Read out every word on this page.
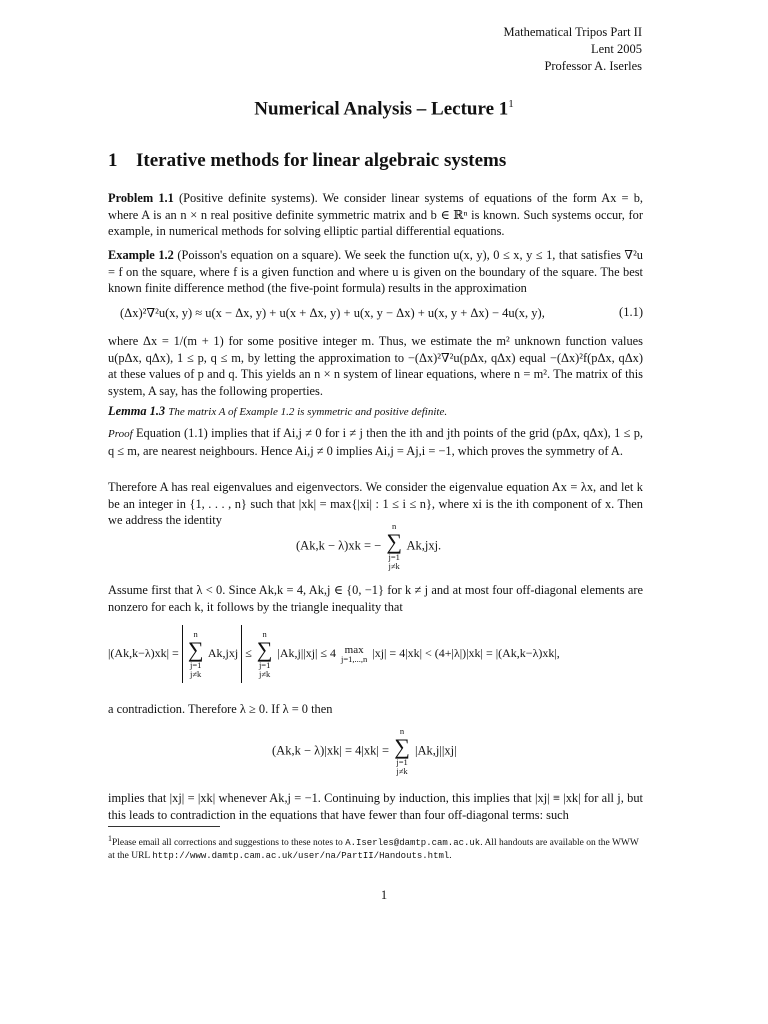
Mathematical Tripos Part II
Lent 2005
Professor A. Iserles
Numerical Analysis – Lecture $1^1$
1 Iterative methods for linear algebraic systems
Problem 1.1 (Positive definite systems). We consider linear systems of equations of the form Ax = b, where A is an n × n real positive definite symmetric matrix and b ∈ ℝⁿ is known. Such systems occur, for example, in numerical methods for solving elliptic partial differential equations.
Example 1.2 (Poisson's equation on a square). We seek the function u(x, y), 0 ≤ x, y ≤ 1, that satisfies ∇²u = f on the square, where f is a given function and where u is given on the boundary of the square. The best known finite difference method (the five-point formula) results in the approximation
(Δx)²∇²u(x, y) ≈ u(x − Δx, y) + u(x + Δx, y) + u(x, y − Δx) + u(x, y + Δx) − 4u(x, y),	(1.1)
where Δx = 1/(m + 1) for some positive integer m. Thus, we estimate the m² unknown function values u(pΔx, qΔx), 1 ≤ p, q ≤ m, by letting the approximation to −(Δx)²∇²u(pΔx, qΔx) equal −(Δx)²f(pΔx, qΔx) at these values of p and q. This yields an n × n system of linear equations, where n = m². The matrix of this system, A say, has the following properties.
Lemma 1.3 The matrix A of Example 1.2 is symmetric and positive definite.
Proof Equation (1.1) implies that if Ai,j ≠ 0 for i ≠ j then the ith and jth points of the grid (pΔx, qΔx), 1 ≤ p, q ≤ m, are nearest neighbours. Hence Ai,j ≠ 0 implies Ai,j = Aj,i = −1, which proves the symmetry of A.
Therefore A has real eigenvalues and eigenvectors. We consider the eigenvalue equation Ax = λx, and let k be an integer in {1, . . . , n} such that |xk| = max{|xi| : 1 ≤ i ≤ n}, where xi is the ith component of x. Then we address the identity
(Ak,k − λ)xk = −
n
∑
j=1
j≠k
Ak,jxj.
Assume first that λ < 0. Since Ak,k = 4, Ak,j ∈ {0, −1} for k ≠ j and at most four off-diagonal elements are nonzero for each k, it follows by the triangle inequality that
|(Ak,k−λ)xk| =
n
∑
j=1
j≠k
Ak,jxj ≤
n
∑
j=1
j≠k
|Ak,j||xj| ≤ 4 max
j=1,...,n |xj| = 4|xk| < (4+|λ|)|xk| = |(Ak,k−λ)xk|,
a contradiction. Therefore λ ≥ 0. If λ = 0 then
(Ak,k − λ)|xk| = 4|xk| =
n
∑
j=1
j≠k
|Ak,j||xj|
implies that |xj| = |xk| whenever Ak,j = −1. Continuing by induction, this implies that |xj| ≡ |xk| for all j, but this leads to contradiction in the equations that have fewer than four off-diagonal terms: such
$^1$Please email all corrections and suggestions to these notes to A.Iserles@damtp.cam.ac.uk. All handouts are available on the WWW at the URL http://www.damtp.cam.ac.uk/user/na/PartII/Handouts.html.
1
